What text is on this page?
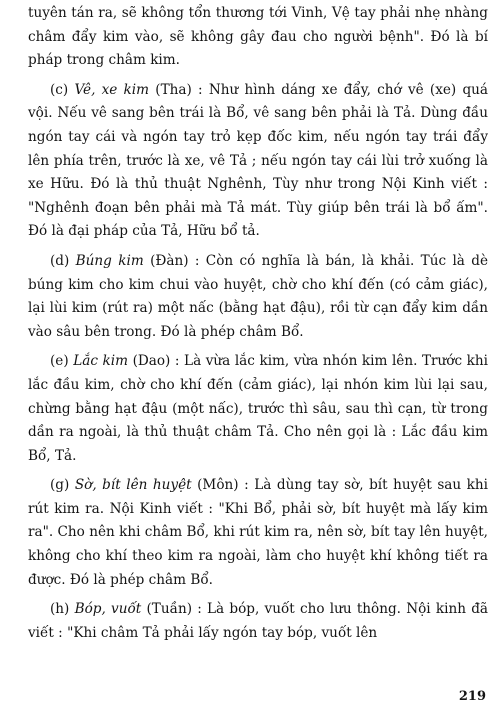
tuyên tán ra, sẽ không tổn thương tới Vinh, Vệ tay phải nhẹ nhàng châm đẩy kim vào, sẽ không gây đau cho người bệnh". Đó là bí pháp trong châm kim.

(c) Vê, xe kim (Tha) : Như hình dáng xe đẩy, chớ vê (xe) quá vội. Nếu vê sang bên trái là Bổ, vê sang bên phải là Tả. Dùng đầu ngón tay cái và ngón tay trỏ kẹp đốc kim, nếu ngón tay trái đẩy lên phía trên, trước là xe, vê Tả ; nếu ngón tay cái lùi trở xuống là xe Hữu. Đó là thủ thuật Nghênh, Tùy như trong Nội Kinh viết : "Nghênh đoạn bên phải mà Tả mát. Tùy giúp bên trái là bổ ấm". Đó là đại pháp của Tả, Hữu bổ tả.

(d) Búng kim (Đàn) : Còn có nghĩa là bán, là khải. Túc là dè búng kim cho kim chui vào huyệt, chờ cho khí đến (có cảm giác), lại lùi kim (rút ra) một nấc (bằng hạt đậu), rồi từ cạn đẩy kim dần vào sâu bên trong. Đó là phép châm Bổ.

(e) Lắc kim (Dao) : Là vừa lắc kim, vừa nhón kim lên. Trước khi lắc đầu kim, chờ cho khí đến (cảm giác), lại nhón kim lùi lại sau, chừng bằng hạt đậu (một nấc), trước thì sâu, sau thì cạn, từ trong dần ra ngoài, là thủ thuật châm Tả. Cho nên gọi là : Lắc đầu kim Bổ, Tả.

(g) Sờ, bít lên huyệt (Môn) : Là dùng tay sờ, bít huyệt sau khi rút kim ra. Nội Kinh viết : "Khi Bổ, phải sờ, bít huyệt mà lấy kim ra". Cho nên khi châm Bổ, khi rút kim ra, nên sờ, bít tay lên huyệt, không cho khí theo kim ra ngoài, làm cho huyệt khí không tiết ra được. Đó là phép châm Bổ.

(h) Bóp, vuốt (Tuần) : Là bóp, vuốt cho lưu thông. Nội kinh đã viết : "Khi châm Tả phải lấy ngón tay bóp, vuốt lên

219
